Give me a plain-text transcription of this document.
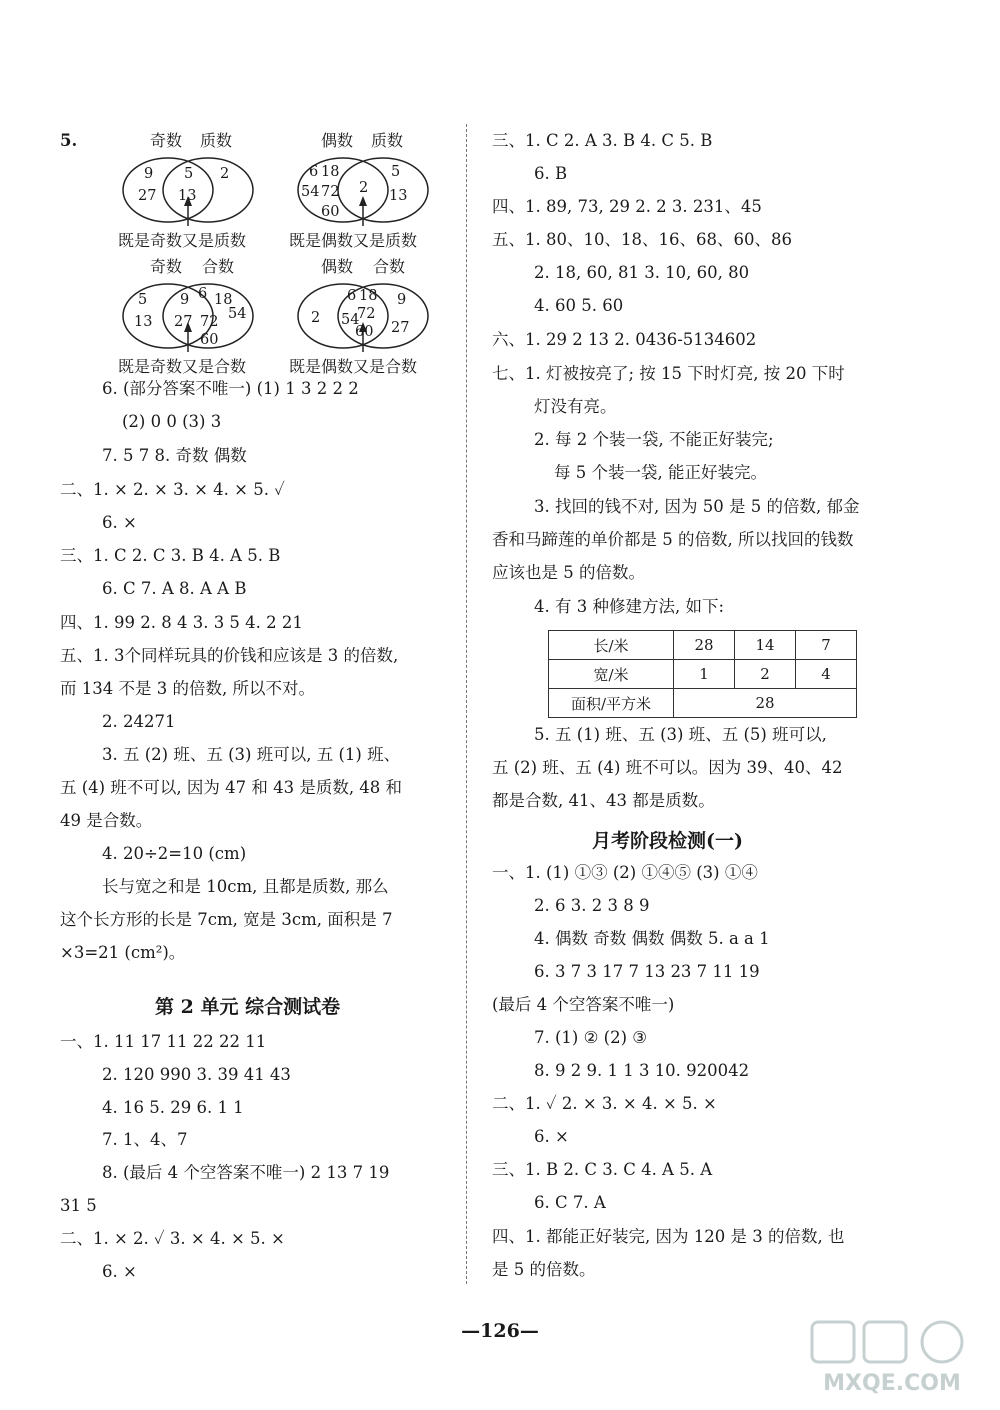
5.	奇数 质数
9
27
5
13
2
既是奇数又是质数
偶数 质数
6 18
54 72
60
2
5
13
既是偶数又是质数
奇数 合数
5
13
9
27
6 18
72 54
60
既是奇数又是合数
偶数 合数
2
6 18
72
54
60
9
27
既是偶数又是合数
6. (部分答案不唯一) (1) 1 3 2 2 2
(2) 0 0 (3) 3
7. 5 7 8. 奇数 偶数
二、1. × 2. × 3. × 4. × 5. ✓
6. ×
三、1. C 2. C 3. B 4. A 5. B
6. C 7. A 8. A A B
四、1. 99 2. 8 4 3. 3 5 4. 2 21
五、1. 3个同样玩具的价钱和应该是 3 的倍数,
而 134 不是 3 的倍数, 所以不对。
2. 24271
3. 五 (2) 班、五 (3) 班可以, 五 (1) 班、
五 (4) 班不可以, 因为 47 和 43 是质数, 48 和
49 是合数。
4. 20÷2=10 (cm)
长与宽之和是 10cm, 且都是质数, 那么
这个长方形的长是 7cm, 宽是 3cm, 面积是 7
×3=21 (cm²)。
第 2 单元 综合测试卷
一、1. 11 17 11 22 22 11
2. 120 990 3. 39 41 43
4. 16 5. 29 6. 1 1
7. 1、4、7
8. (最后 4 个空答案不唯一) 2 13 7 19
31 5
二、1. × 2. ✓ 3. × 4. × 5. ×
6. ×
三、1. C 2. A 3. B 4. C 5. B
6. B
四、1. 89, 73, 29 2. 2 3. 231、45
五、1. 80、10、18、16、68、60、86
2. 18, 60, 81 3. 10, 60, 80
4. 60 5. 60
六、1. 29 2 13 2. 0436-5134602
七、1. 灯被按亮了; 按 15 下时灯亮, 按 20 下时
灯没有亮。
2. 每 2 个装一袋, 不能正好装完;
每 5 个装一袋, 能正好装完。
3. 找回的钱不对, 因为 50 是 5 的倍数, 郁金
香和马蹄莲的单价都是 5 的倍数, 所以找回的钱数
应该也是 5 的倍数。
4. 有 3 种修建方法, 如下:
长/米	28	14	7
宽/米	1	2	4
面积/平方米	28		
5. 五 (1) 班、五 (3) 班、五 (5) 班可以,
五 (2) 班、五 (4) 班不可以。因为 39、40、42
都是合数, 41、43 都是质数。
月考阶段检测(一)
一、1. (1) ①③ (2) ①④⑤ (3) ①④
2. 6 3. 2 3 8 9
4. 偶数 奇数 偶数 偶数 5. a a 1
6. 3 7 3 17 7 13 23 7 11 19
(最后 4 个空答案不唯一)
7. (1) ② (2) ③
8. 9 2 9. 1 1 3 10. 920042
二、1. ✓ 2. × 3. × 4. × 5. ×
6. ×
三、1. B 2. C 3. C 4. A 5. A
6. C 7. A
四、1. 都能正好装完, 因为 120 是 3 的倍数, 也
是 5 的倍数。
—126—
MXQE.COM
